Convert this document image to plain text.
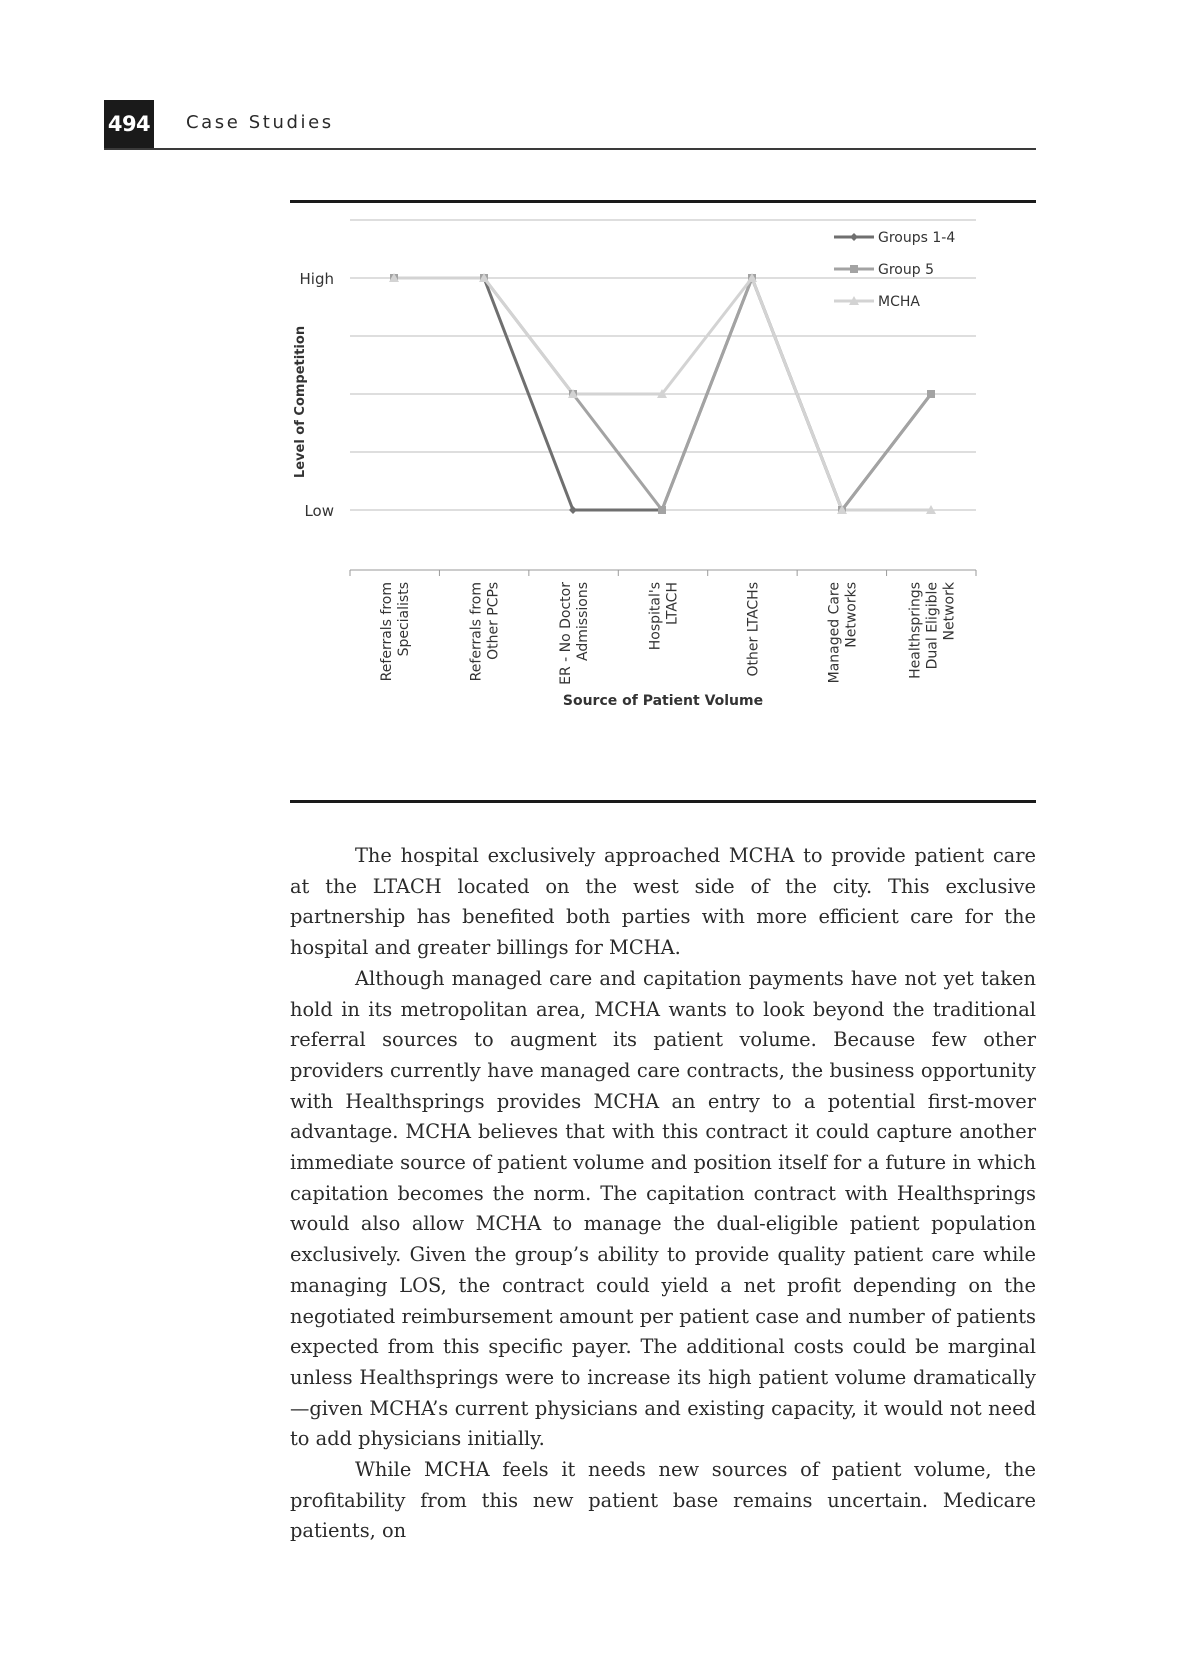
494 Case Studies
High
Low
Level of Competition
Referrals from Specialists	Referrals from Other PCPs	ER - No Doctor Admissions	Hospital's LTACH	Other LTACHs	Managed Care Networks	Healthsprings Dual Eligible Network
Source of Patient Volume
Groups 1-4
Group 5
MCHA

The hospital exclusively approached MCHA to provide patient care at the LTACH located on the west side of the city. This exclusive partnership has benefited both parties with more efficient care for the hospital and greater billings for MCHA.

Although managed care and capitation payments have not yet taken hold in its metropolitan area, MCHA wants to look beyond the traditional referral sources to augment its patient volume. Because few other providers currently have managed care contracts, the business opportunity with Healthsprings provides MCHA an entry to a potential first-mover advantage. MCHA believes that with this contract it could capture another immediate source of patient volume and position itself for a future in which capitation becomes the norm. The capitation contract with Healthsprings would also allow MCHA to manage the dual-eligible patient population exclusively. Given the group’s ability to provide quality patient care while managing LOS, the contract could yield a net profit depending on the negotiated reimbursement amount per patient case and number of patients expected from this specific payer. The additional costs could be marginal unless Healthsprings were to increase its high patient volume dramatically—given MCHA’s current physicians and existing capacity, it would not need to add physicians initially.

While MCHA feels it needs new sources of patient volume, the profitability from this new patient base remains uncertain. Medicare patients, on
